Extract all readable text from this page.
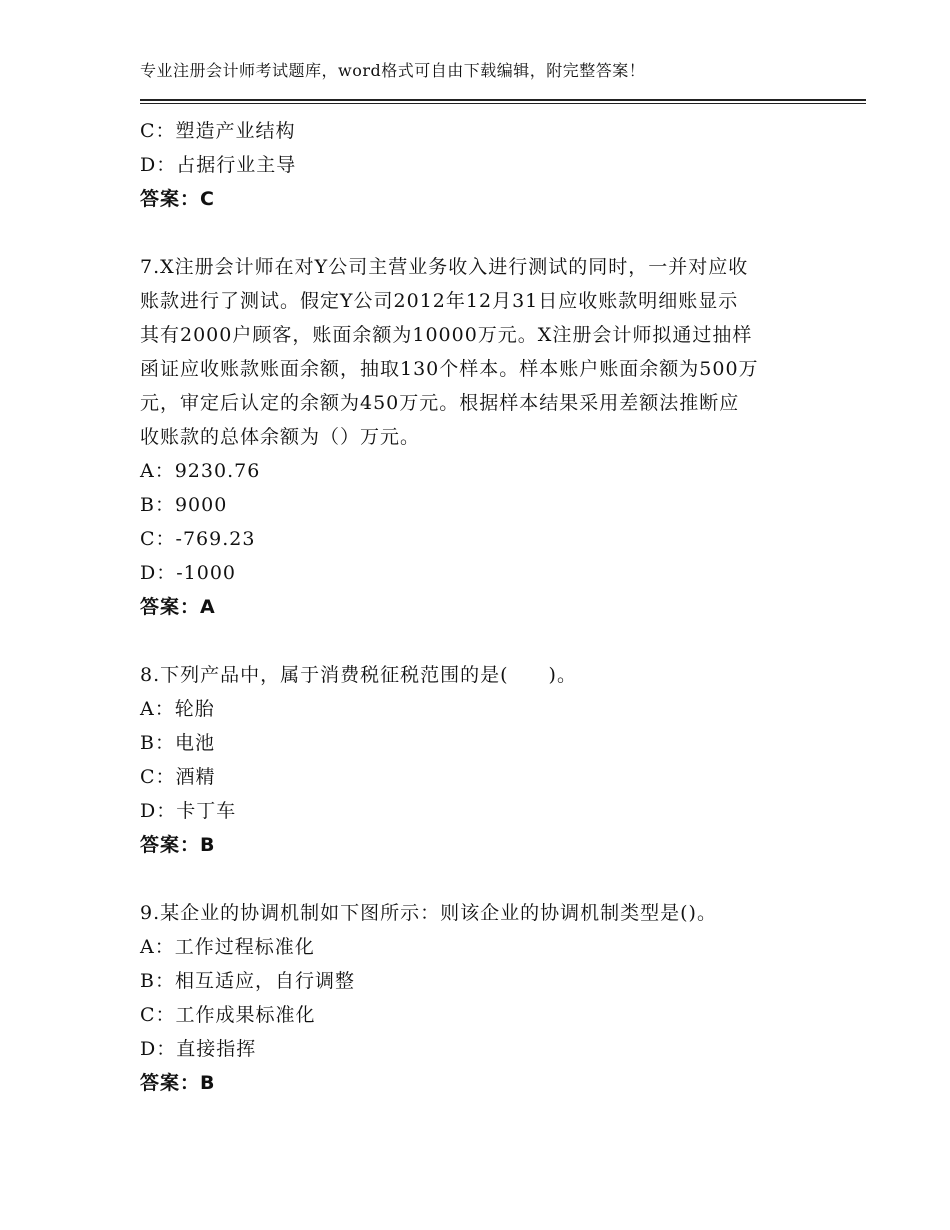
专业注册会计师考试题库，word格式可自由下载编辑，附完整答案！
C：塑造产业结构
D：占据行业主导
答案：C
7.X注册会计师在对Y公司主营业务收入进行测试的同时，一并对应收
账款进行了测试。假定Y公司2012年12月31日应收账款明细账显示
其有2000户顾客，账面余额为10000万元。X注册会计师拟通过抽样
函证应收账款账面余额，抽取130个样本。样本账户账面余额为500万
元，审定后认定的余额为450万元。根据样本结果采用差额法推断应
收账款的总体余额为（）万元。
A：9230.76
B：9000
C：-769.23
D：-1000
答案：A
8.下列产品中，属于消费税征税范围的是(　　)。
A：轮胎
B：电池
C：酒精
D：卡丁车
答案：B
9.某企业的协调机制如下图所示：则该企业的协调机制类型是()。
A：工作过程标准化
B：相互适应，自行调整
C：工作成果标准化
D：直接指挥
答案：B
